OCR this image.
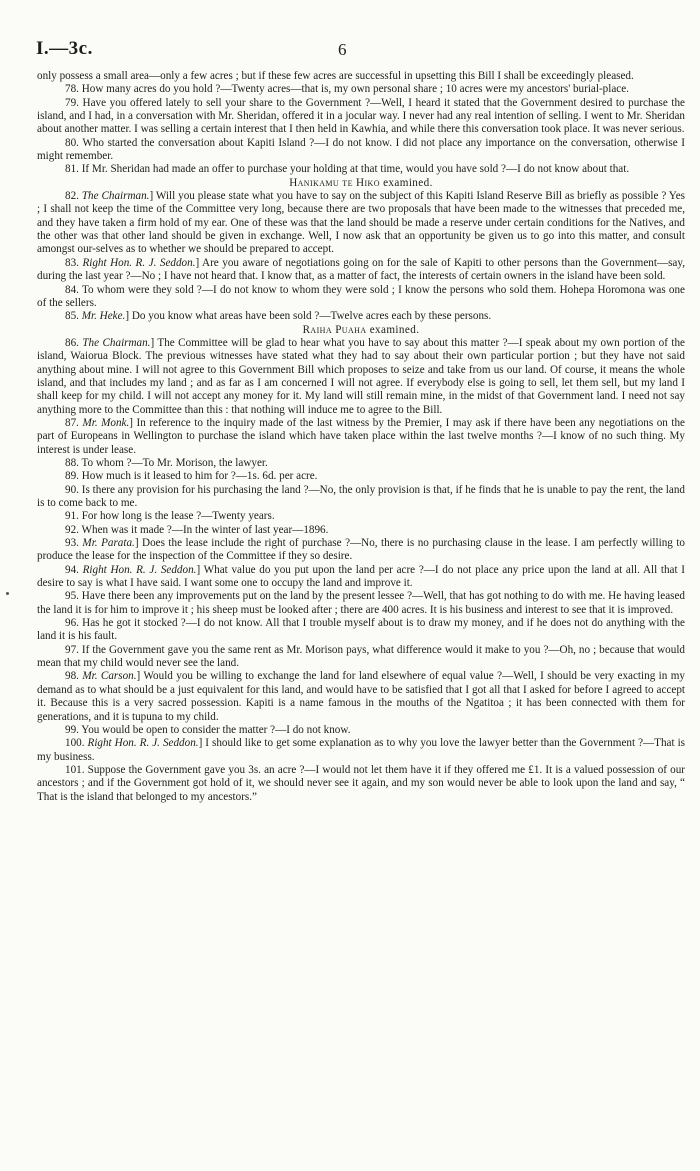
I.—3c.	6

only possess a small area—only a few acres ; but if these few acres are successful in upsetting this Bill I shall be exceedingly pleased.

78. How many acres do you hold ?—Twenty acres—that is, my own personal share ; 10 acres were my ancestors' burial-place.

79. Have you offered lately to sell your share to the Government ?—Well, I heard it stated that the Government desired to purchase the island, and I had, in a conversation with Mr. Sheridan, offered it in a jocular way. I never had any real intention of selling. I went to Mr. Sheridan about another matter. I was selling a certain interest that I then held in Kawhia, and while there this conversation took place. It was never serious.

80. Who started the conversation about Kapiti Island ?—I do not know. I did not place any importance on the conversation, otherwise I might remember.

81. If Mr. Sheridan had made an offer to purchase your holding at that time, would you have sold ?—I do not know about that.

Hanikamu te Hiko examined.

82. The Chairman.] Will you please state what you have to say on the subject of this Kapiti Island Reserve Bill as briefly as possible ? Yes ; I shall not keep the time of the Committee very long, because there are two proposals that have been made to the witnesses that preceded me, and they have taken a firm hold of my ear. One of these was that the land should be made a reserve under certain conditions for the Natives, and the other was that other land should be given in exchange. Well, I now ask that an opportunity be given us to go into this matter, and consult amongst our-selves as to whether we should be prepared to accept.

83. Right Hon. R. J. Seddon.] Are you aware of negotiations going on for the sale of Kapiti to other persons than the Government—say, during the last year ?—No ; I have not heard that. I know that, as a matter of fact, the interests of certain owners in the island have been sold.

84. To whom were they sold ?—I do not know to whom they were sold ; I know the persons who sold them. Hohepa Horomona was one of the sellers.

85. Mr. Heke.] Do you know what areas have been sold ?—Twelve acres each by these persons.

Raiha Puaha examined.

86. The Chairman.] The Committee will be glad to hear what you have to say about this matter ?—I speak about my own portion of the island, Waiorua Block. The previous witnesses have stated what they had to say about their own particular portion ; but they have not said anything about mine. I will not agree to this Government Bill which proposes to seize and take from us our land. Of course, it means the whole island, and that includes my land ; and as far as I am concerned I will not agree. If everybody else is going to sell, let them sell, but my land I shall keep for my child. I will not accept any money for it. My land will still remain mine, in the midst of that Government land. I need not say anything more to the Committee than this : that nothing will induce me to agree to the Bill.

87. Mr. Monk.] In reference to the inquiry made of the last witness by the Premier, I may ask if there have been any negotiations on the part of Europeans in Wellington to purchase the island which have taken place within the last twelve months ?—I know of no such thing. My interest is under lease.

88. To whom ?—To Mr. Morison, the lawyer.

89. How much is it leased to him for ?—1s. 6d. per acre.

90. Is there any provision for his purchasing the land ?—No, the only provision is that, if he finds that he is unable to pay the rent, the land is to come back to me.

91. For how long is the lease ?—Twenty years.

92. When was it made ?—In the winter of last year—1896.

93. Mr. Parata.] Does the lease include the right of purchase ?—No, there is no purchasing clause in the lease. I am perfectly willing to produce the lease for the inspection of the Committee if they so desire.

94. Right Hon. R. J. Seddon.] What value do you put upon the land per acre ?—I do not place any price upon the land at all. All that I desire to say is what I have said. I want some one to occupy the land and improve it.

95. Have there been any improvements put on the land by the present lessee ?—Well, that has got nothing to do with me. He having leased the land it is for him to improve it ; his sheep must be looked after ; there are 400 acres. It is his business and interest to see that it is improved.

96. Has he got it stocked ?—I do not know. All that I trouble myself about is to draw my money, and if he does not do anything with the land it is his fault.

97. If the Government gave you the same rent as Mr. Morison pays, what difference would it make to you ?—Oh, no ; because that would mean that my child would never see the land.

98. Mr. Carson.] Would you be willing to exchange the land for land elsewhere of equal value ?—Well, I should be very exacting in my demand as to what should be a just equivalent for this land, and would have to be satisfied that I got all that I asked for before I agreed to accept it. Because this is a very sacred possession. Kapiti is a name famous in the mouths of the Ngatitoa ; it has been connected with them for generations, and it is tupuna to my child.

99. You would be open to consider the matter ?—I do not know.

100. Right Hon. R. J. Seddon.] I should like to get some explanation as to why you love the lawyer better than the Government ?—That is my business.

101. Suppose the Government gave you 3s. an acre ?—I would not let them have it if they offered me £1. It is a valued possession of our ancestors ; and if the Government got hold of it, we should never see it again, and my son would never be able to look upon the land and say, “ That is the island that belonged to my ancestors.”
